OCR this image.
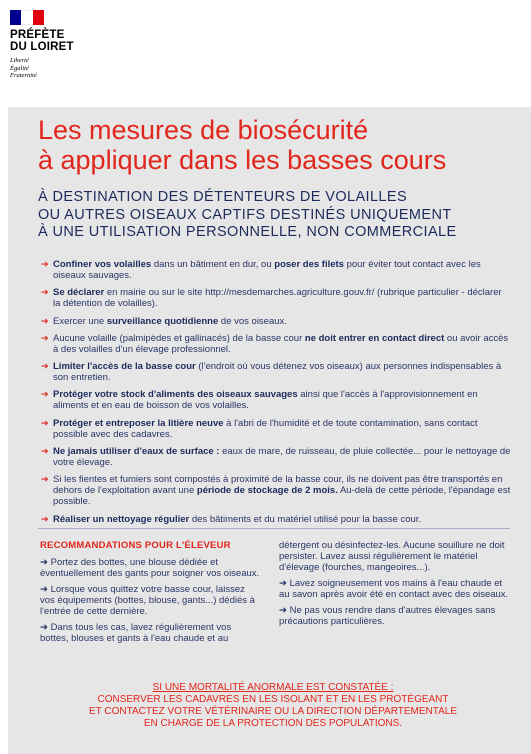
PRÉFÈTE
DU LOIRET
Liberté
Égalité
Fraternité
Les mesures de biosécurité
à appliquer dans les basses cours
À DESTINATION DES DÉTENTEURS DE VOLAILLES
OU AUTRES OISEAUX CAPTIFS DESTINÉS UNIQUEMENT
À UNE UTILISATION PERSONNELLE, NON COMMERCIALE
➔ Confiner vos volailles dans un bâtiment en dur, ou poser des filets pour éviter tout contact avec les oiseaux sauvages.
➔ Se déclarer en mairie ou sur le site http://mesdemarches.agriculture.gouv.fr/ (rubrique particulier - déclarer la détention de volailles).
➔ Exercer une surveillance quotidienne de vos oiseaux.
➔ Aucune volaille (palmipèdes et gallinacés) de la basse cour ne doit entrer en contact direct ou avoir accès à des volailles d'un élevage professionnel.
➔ Limiter l'accès de la basse cour (l'endroit où vous détenez vos oiseaux) aux personnes indispensables à son entretien.
➔ Protéger votre stock d'aliments des oiseaux sauvages ainsi que l'accès à l'approvisionnement en aliments et en eau de boisson de vos volailles.
➔ Protéger et entreposer la litière neuve à l'abri de l'humidité et de toute contamination, sans contact possible avec des cadavres.
➔ Ne jamais utiliser d'eaux de surface : eaux de mare, de ruisseau, de pluie collectée... pour le nettoyage de votre élevage.
➔ Si les fientes et fumiers sont compostés à proximité de la basse cour, ils ne doivent pas être transportés en dehors de l'exploitation avant une période de stockage de 2 mois. Au-delà de cette période, l'épandage est possible.
➔ Réaliser un nettoyage régulier des bâtiments et du matériel utilisé pour la basse cour.
RECOMMANDATIONS POUR L'ÉLEVEUR

➔ Portez des bottes, une blouse dédiée et éventuellement des gants pour soigner vos oiseaux.

➔ Lorsque vous quittez votre basse cour, laissez vos équipements (bottes, blouse, gants...) dédiés à l'entrée de cette dernière.

➔ Dans tous les cas, lavez régulièrement vos bottes, blouses et gants à l'eau chaude et au

détergent ou désinfectez-les. Aucune souillure ne doit persister. Lavez aussi régulièrement le matériel d'élevage (fourches, mangeoires...).

➔ Lavez soigneusement vos mains à l'eau chaude et au savon après avoir été en contact avec des oiseaux.

➔ Ne pas vous rendre dans d'autres élevages sans précautions particulières.

SI UNE MORTALITÉ ANORMALE EST CONSTATÉE :
CONSERVER LES CADAVRES EN LES ISOLANT ET EN LES PROTÉGEANT
ET CONTACTEZ VOTRE VÉTÉRINAIRE OU LA DIRECTION DÉPARTEMENTALE
EN CHARGE DE LA PROTECTION DES POPULATIONS.
